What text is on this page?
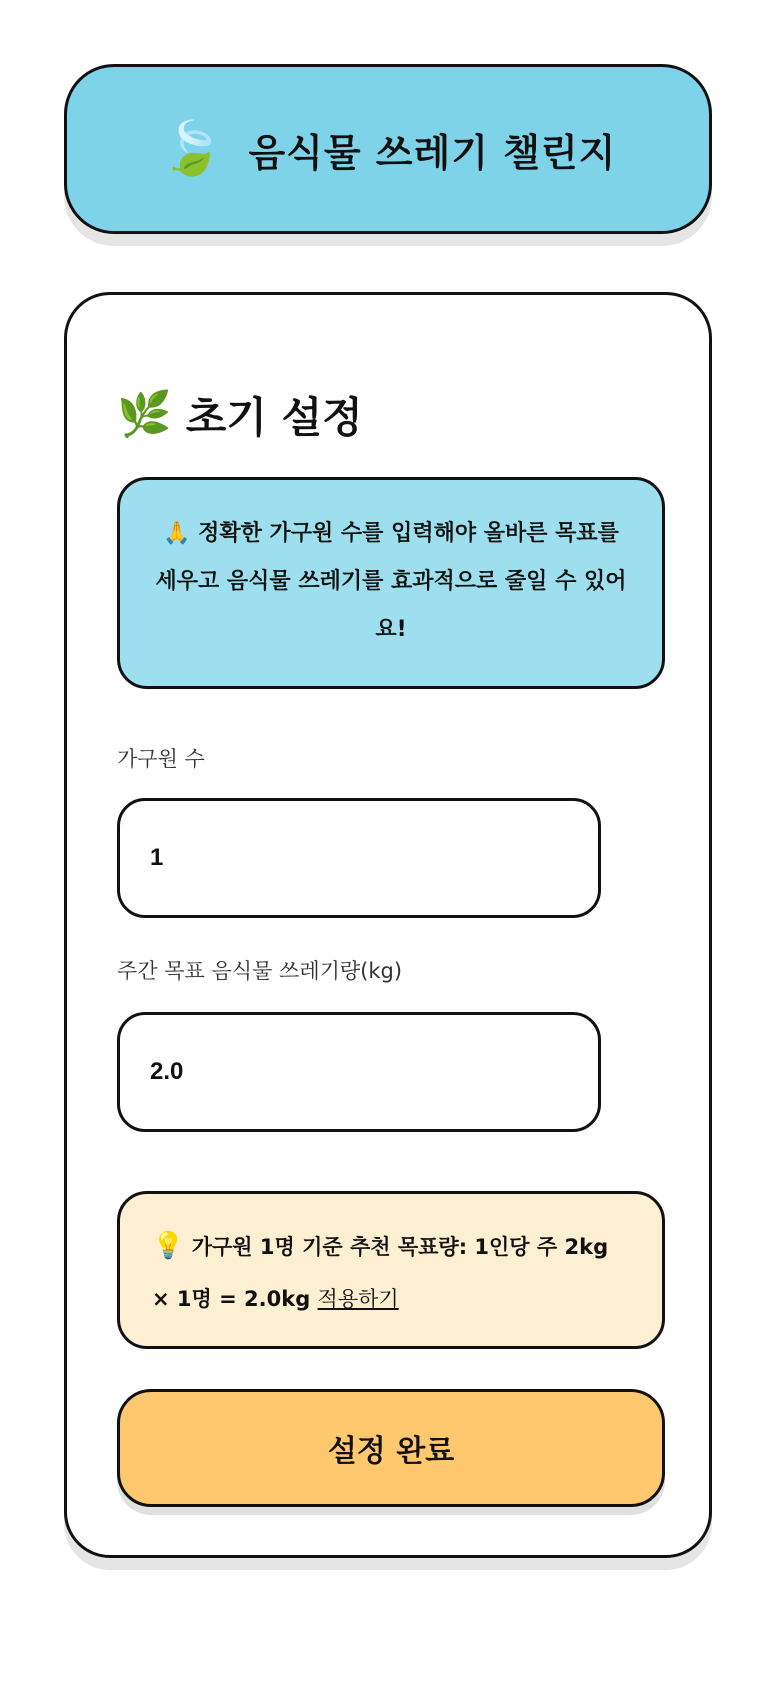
🍃 음식물 쓰레기 챌린지
🌿 초기 설정
🙏 정확한 가구원 수를 입력해야 올바른 목표를 세우고 음식물 쓰레기를 효과적으로 줄일 수 있어요!
가구원 수
1
주간 목표 음식물 쓰레기량(kg)
2.0
💡 가구원 1명 기준 추천 목표량: 1인당 주 2kg × 1명 = 2.0kg 적용하기
설정 완료
